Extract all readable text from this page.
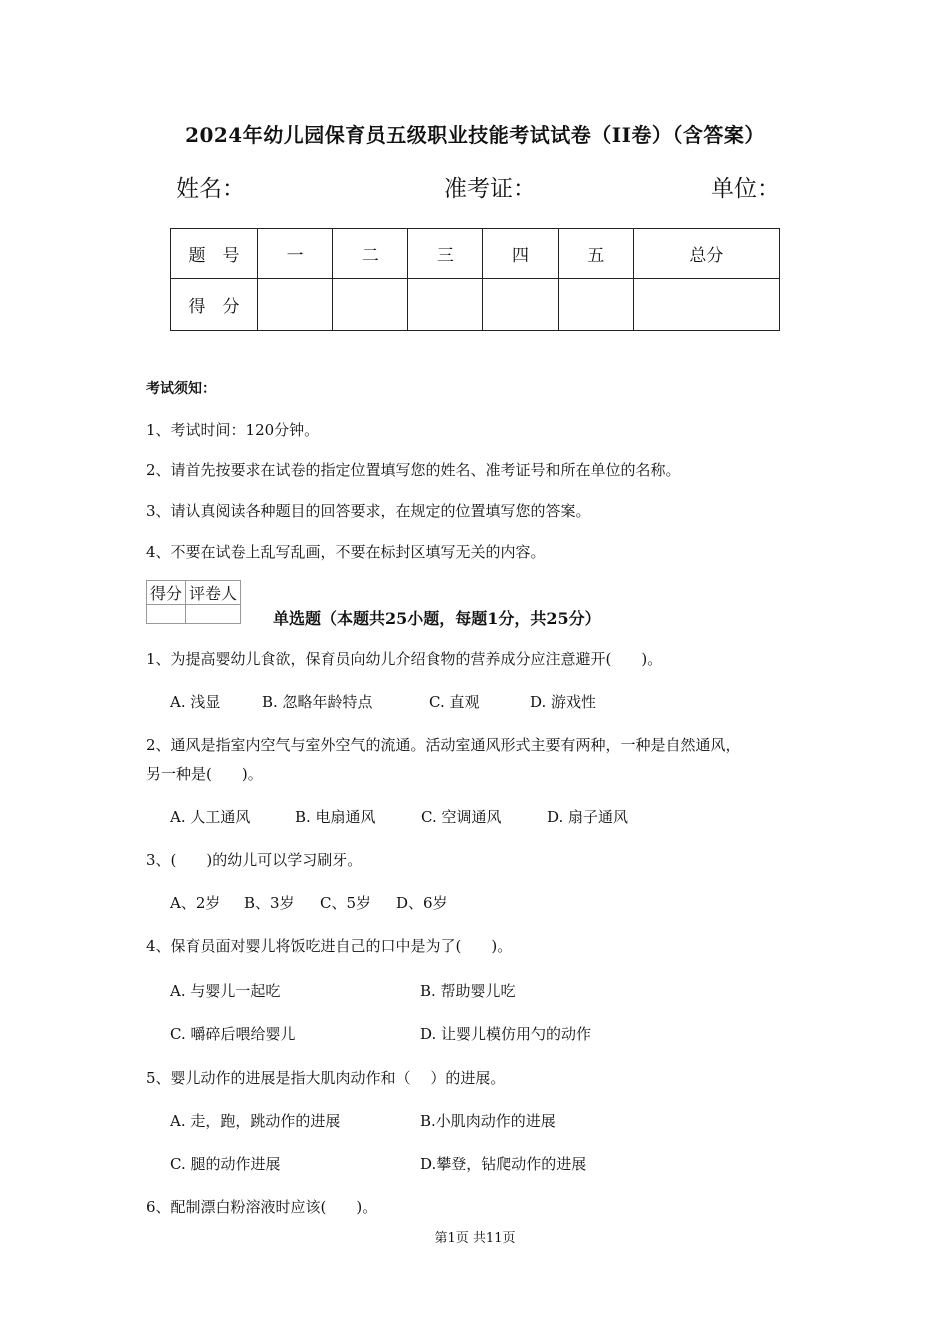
2024年幼儿园保育员五级职业技能考试试卷（II卷）（含答案）
姓名：	准考证：	单位：
题　号	一	二	三	四	五	总分
得　分						
考试须知：
1、考试时间：120分钟。
2、请首先按要求在试卷的指定位置填写您的姓名、准考证号和所在单位的名称。
3、请认真阅读各种题目的回答要求，在规定的位置填写您的答案。
4、不要在试卷上乱写乱画，不要在标封区填写无关的内容。
得分	评卷人

单选题（本题共25小题，每题1分，共25分）
1、为提高婴幼儿食欲，保育员向幼儿介绍食物的营养成分应注意避开(　　)。
A. 浅显	B. 忽略年龄特点	C. 直观	D. 游戏性
2、通风是指室内空气与室外空气的流通。活动室通风形式主要有两种，一种是自然通风，
另一种是(　　)。
A. 人工通风	B. 电扇通风	C. 空调通风	D. 扇子通风
3、(　　)的幼儿可以学习刷牙。
A、2岁 B、3岁 C、5岁 D、6岁
4、保育员面对婴儿将饭吃进自己的口中是为了(　　)。
A. 与婴儿一起吃	B. 帮助婴儿吃
C. 嚼碎后喂给婴儿	D. 让婴儿模仿用勺的动作
5、婴儿动作的进展是指大肌肉动作和（　 ）的进展。
A. 走，跑，跳动作的进展	B.小肌肉动作的进展
C. 腿的动作进展	D.攀登，钻爬动作的进展
6、配制漂白粉溶液时应该(　　)。
第1页 共11页
